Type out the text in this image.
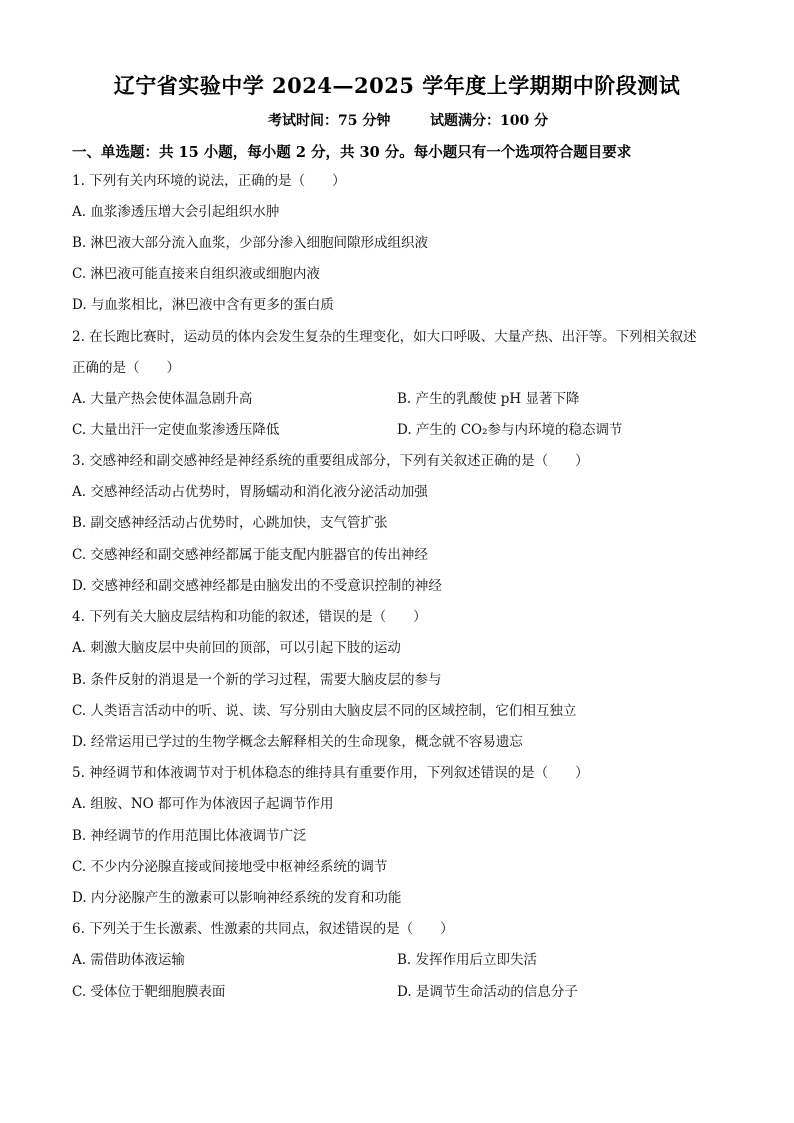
辽宁省实验中学 2024—2025 学年度上学期期中阶段测试
考试时间：75 分钟	试题满分：100 分
一、单选题：共 15 小题，每小题 2 分，共 30 分。每小题只有一个选项符合题目要求
1. 下列有关内环境的说法，正确的是（　　）
A. 血浆渗透压增大会引起组织水肿
B. 淋巴液大部分流入血浆，少部分渗入细胞间隙形成组织液
C. 淋巴液可能直接来自组织液或细胞内液
D. 与血浆相比，淋巴液中含有更多的蛋白质
2. 在长跑比赛时，运动员的体内会发生复杂的生理变化，如大口呼吸、大量产热、出汗等。下列相关叙述
正确的是（　　）
A. 大量产热会使体温急剧升高	B. 产生的乳酸使 pH 显著下降
C. 大量出汗一定使血浆渗透压降低	D. 产生的 CO₂参与内环境的稳态调节
3. 交感神经和副交感神经是神经系统的重要组成部分，下列有关叙述正确的是（　　）
A. 交感神经活动占优势时，胃肠蠕动和消化液分泌活动加强
B. 副交感神经活动占优势时，心跳加快，支气管扩张
C. 交感神经和副交感神经都属于能支配内脏器官的传出神经
D. 交感神经和副交感神经都是由脑发出的不受意识控制的神经
4. 下列有关大脑皮层结构和功能的叙述，错误的是（　　）
A. 刺激大脑皮层中央前回的顶部，可以引起下肢的运动
B. 条件反射的消退是一个新的学习过程，需要大脑皮层的参与
C. 人类语言活动中的听、说、读、写分别由大脑皮层不同的区域控制，它们相互独立
D. 经常运用已学过的生物学概念去解释相关的生命现象，概念就不容易遗忘
5. 神经调节和体液调节对于机体稳态的维持具有重要作用，下列叙述错误的是（　　）
A. 组胺、NO 都可作为体液因子起调节作用
B. 神经调节的作用范围比体液调节广泛
C. 不少内分泌腺直接或间接地受中枢神经系统的调节
D. 内分泌腺产生的激素可以影响神经系统的发育和功能
6. 下列关于生长激素、性激素的共同点，叙述错误的是（　　）
A. 需借助体液运输	B. 发挥作用后立即失活
C. 受体位于靶细胞膜表面	D. 是调节生命活动的信息分子
